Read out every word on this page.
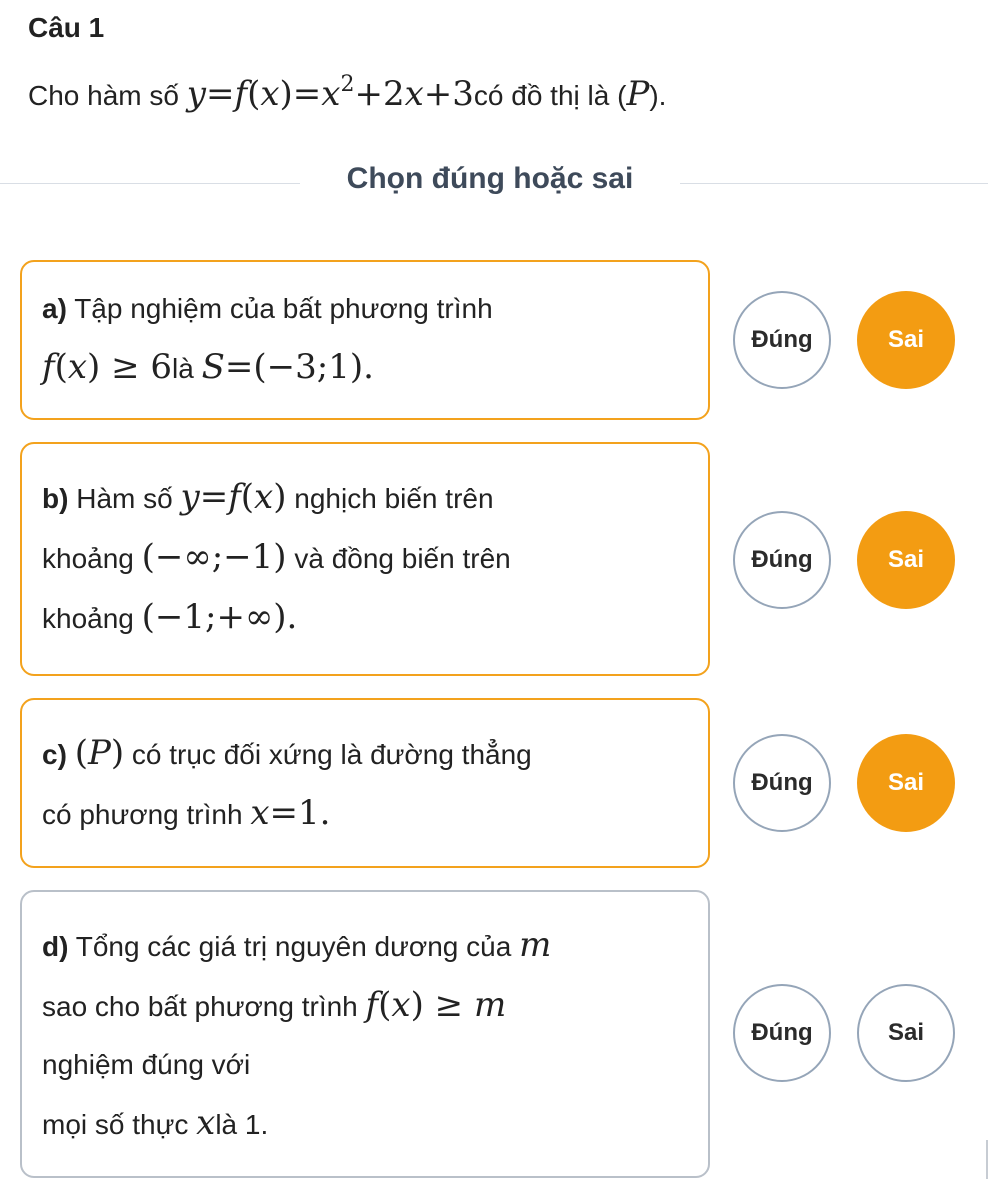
Câu 1
Cho hàm số $y=f(x)=x^2+2x+3có$ đồ thị là (P).
Chọn đúng hoặc sai
a) Tập nghiệm của bất phương trình
f(x) ≥ 6là S=(−3;1).
Đúng	Sai
b) Hàm số y=f(x) nghịch biến trên
khoảng (−∞;−1) và đồng biến trên
khoảng (−1;+∞).
Đúng	Sai
c) (P) có trục đối xứng là đường thẳng
có phương trình x=1.
Đúng	Sai
d) Tổng các giá trị nguyên dương của m
sao cho bất phương trình f(x) ≥ m
nghiệm đúng với
mọi số thực xlà 1.
Đúng	Sai
